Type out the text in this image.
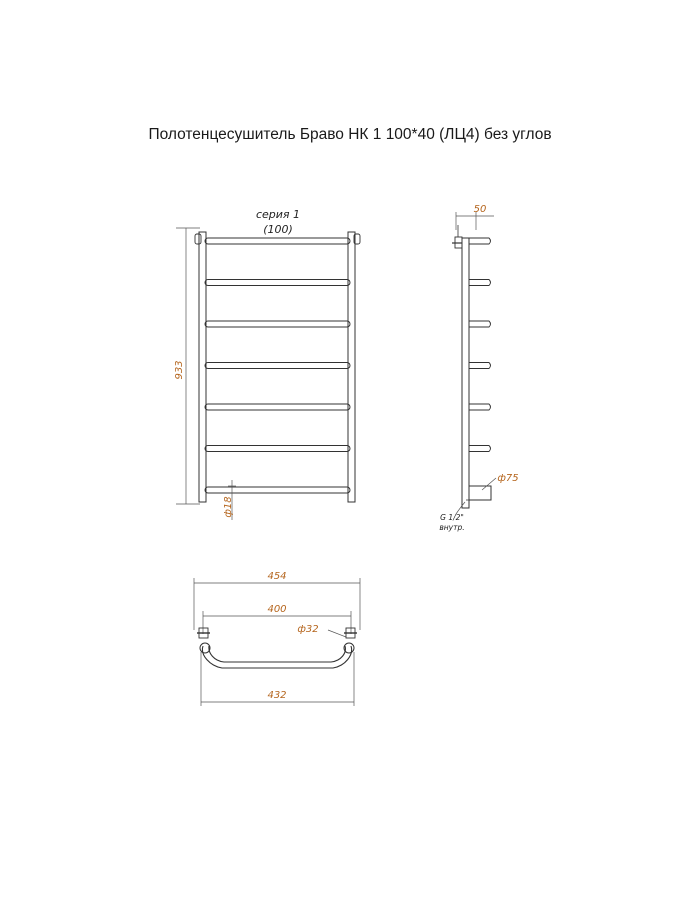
Полотенцесушитель Браво НК 1 100*40 (ЛЦ4) без углов
933
серия 1
(100)
ф18
50
ф75
G 1/2"
внутр.
454
400
ф32
432
